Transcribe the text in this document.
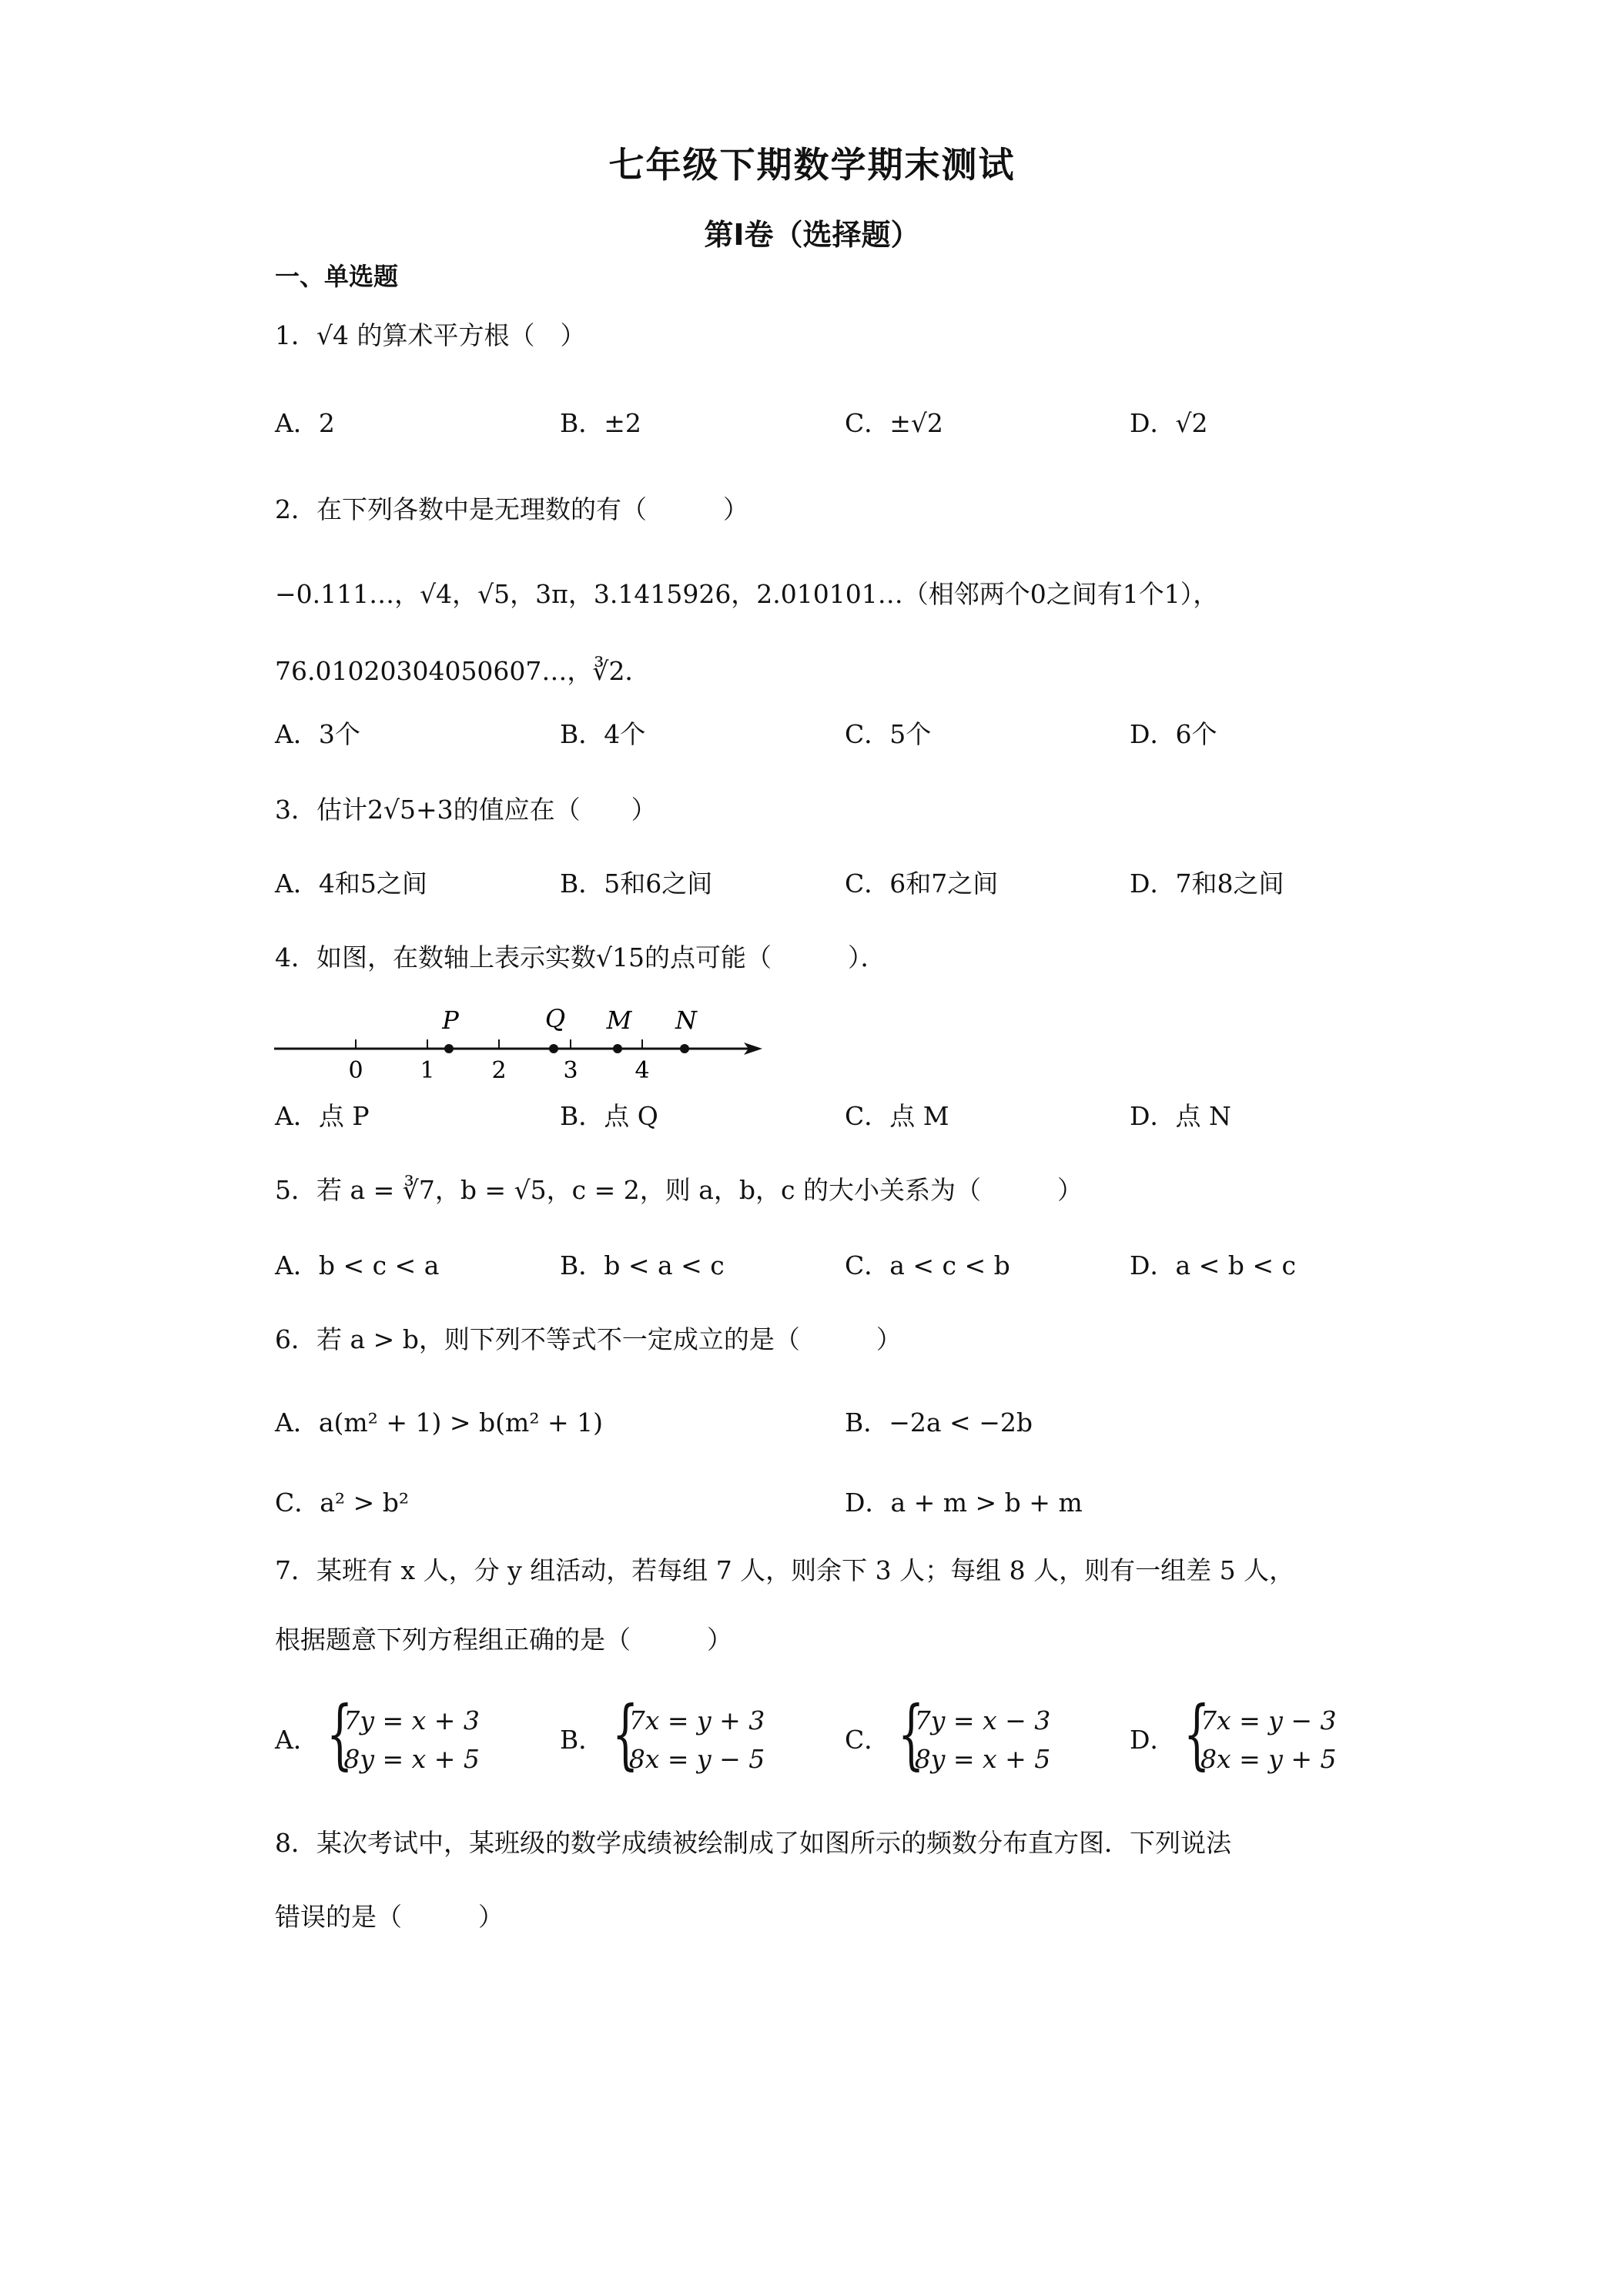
七年级下期数学期末测试
第Ⅰ卷（选择题）
一、单选题
1．√4 的算术平方根（　）
A．2	B．±2	C．±√2	D．√2
2．在下列各数中是无理数的有（　　　）
−0.111…，√4，√5，3π，3.1415926，2.010101…（相邻两个0之间有1个1），
76.01020304050607…，∛2．
A．3个	B．4个	C．5个	D．6个
3．估计2√5+3的值应在（　　）
A．4和5之间	B．5和6之间	C．6和7之间	D．7和8之间
4．如图，在数轴上表示实数√15的点可能（　　　）．
0 1 2 3 4
P	Q M N
A．点 P	B．点 Q	C．点 M	D．点 N
5．若 a = ∛7，b = √5，c = 2，则 a，b，c 的大小关系为（　　　）
A．b < c < a	B．b < a < c	C．a < c < b	D．a < b < c
6．若 a > b，则下列不等式不一定成立的是（　　　）
A．a(m² + 1) > b(m² + 1)	B．−2a < −2b
C．a² > b²	D．a + m > b + m
7．某班有 x 人，分 y 组活动，若每组 7 人，则余下 3 人；每组 8 人，则有一组差 5 人，
根据题意下列方程组正确的是（　　　）
A． {
7y = x + 3
8y = x + 5
B． {
7x = y + 3
8x = y − 5
C． {
7y = x − 3
8y = x + 5
D． {
7x = y − 3
8x = y + 5
8．某次考试中，某班级的数学成绩被绘制成了如图所示的频数分布直方图．下列说法
错误的是（　　　）
